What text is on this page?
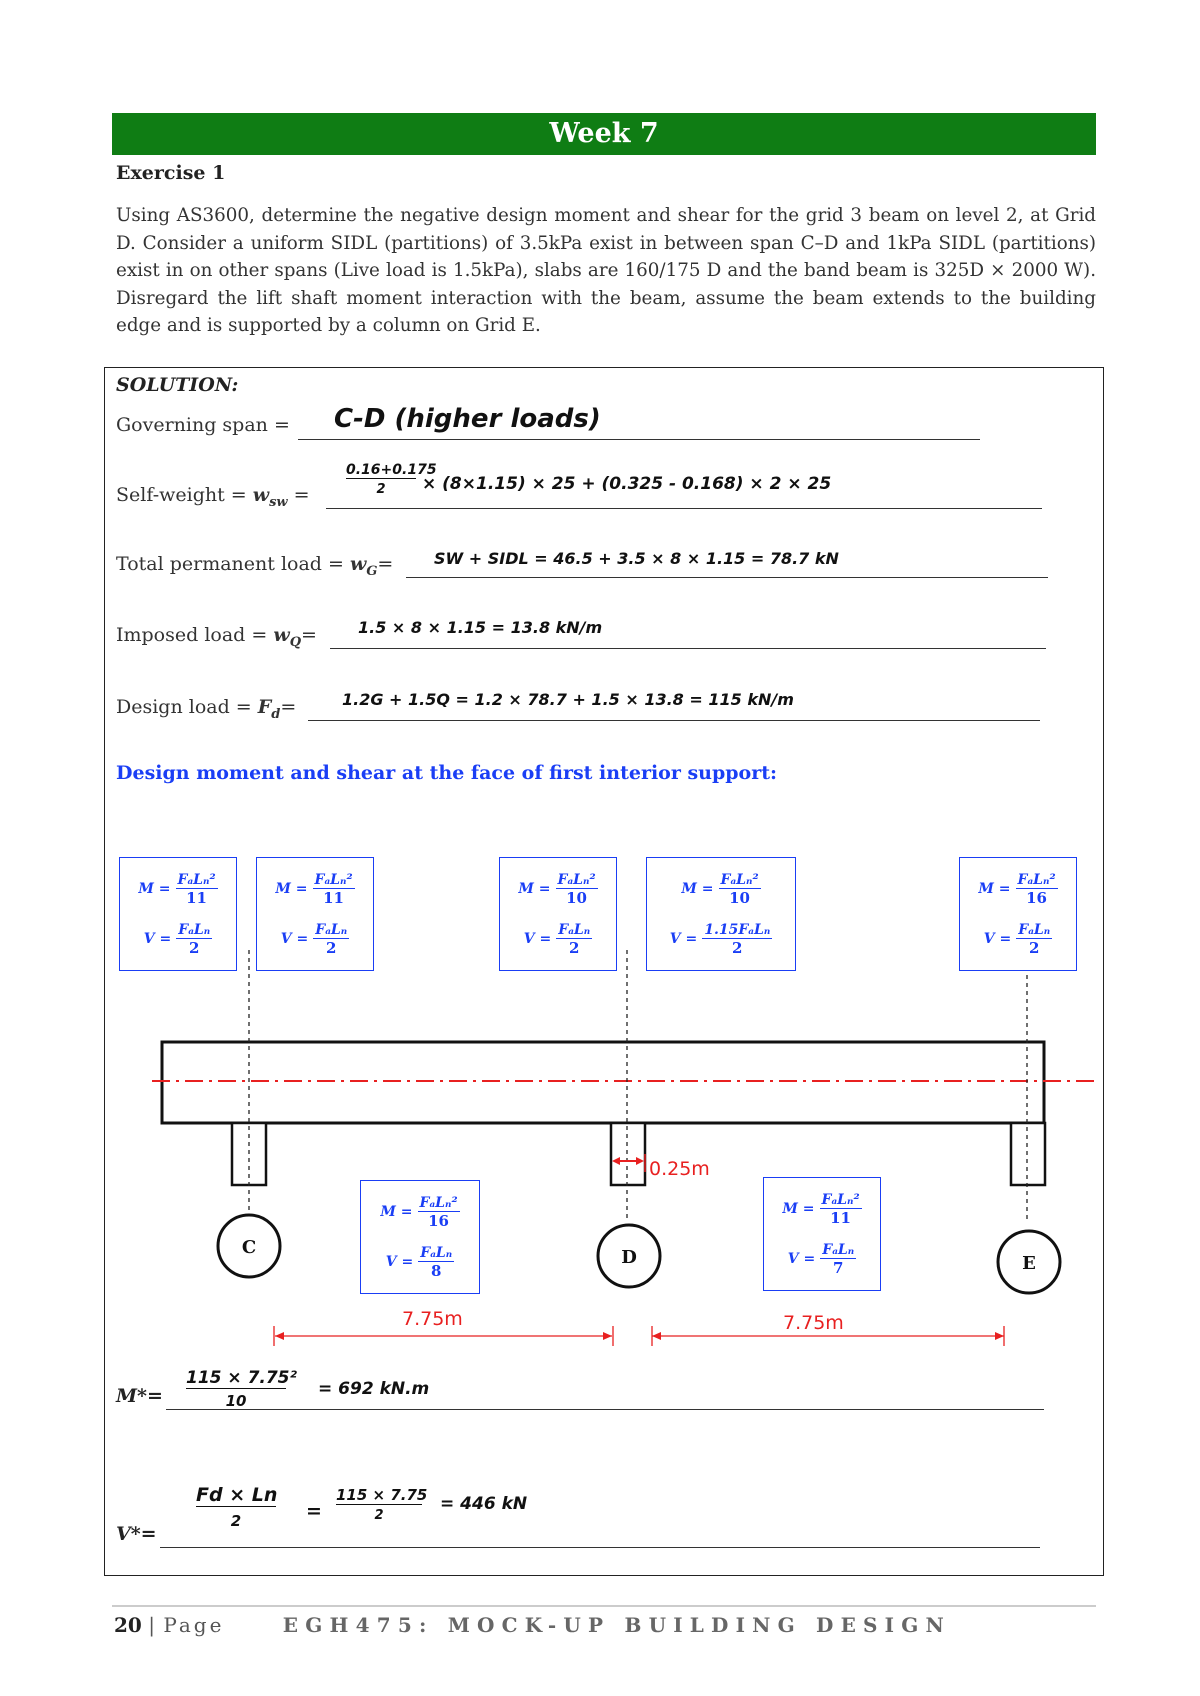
Week 7
Exercise 1
Using AS3600, determine the negative design moment and shear for the grid 3 beam on level 2, at Grid D. Consider a uniform SIDL (partitions) of 3.5kPa exist in between span C–D and 1kPa SIDL (partitions) exist in on other spans (Live load is 1.5kPa), slabs are 160/175 D and the band beam is 325D × 2000 W). Disregard the lift shaft moment interaction with the beam, assume the beam extends to the building edge and is supported by a column on Grid E.
SOLUTION:
Governing span = C-D (higher loads)
Self-weight = $w_{sw}$ =
0.16+0.175
2	× (8×1.15) × 25 + (0.325 - 0.168) × 2 × 25
Total permanent load = $w_G=$	SW + SIDL = 46.5 + 3.5 × 8 × 1.15 = 78.7 kN
Imposed load = $w_Q=$	1.5 × 8 × 1.15 = 13.8 kN/m
Design load = $F_d=$	1.2G + 1.5Q = 1.2 × 78.7 + 1.5 × 13.8 = 115 kN/m
Design moment and shear at the face of first interior support:
C	D	E
0.25m
7.75m	7.75m
M =
FₐLₙ²
11
V =
FₐLₙ
2
M =
FₐLₙ²
11
V =
FₐLₙ
2
M =
FₐLₙ²
10
V =
FₐLₙ
2
M =
FₐLₙ²
10
V =
1.15FₐLₙ
2
M =
FₐLₙ²
16
V =
FₐLₙ
2
M =
FₐLₙ²
16
V =
FₐLₙ
8
M =
FₐLₙ²
11
V =
FₐLₙ
7
M*=
115 × 7.75²
10
= 692 kN.m
V*=
Fd × Ln
2	=
115 × 7.75
2
= 446 kN
20 | Page	EGH475: MOCK-UP BUILDING DESIGN
